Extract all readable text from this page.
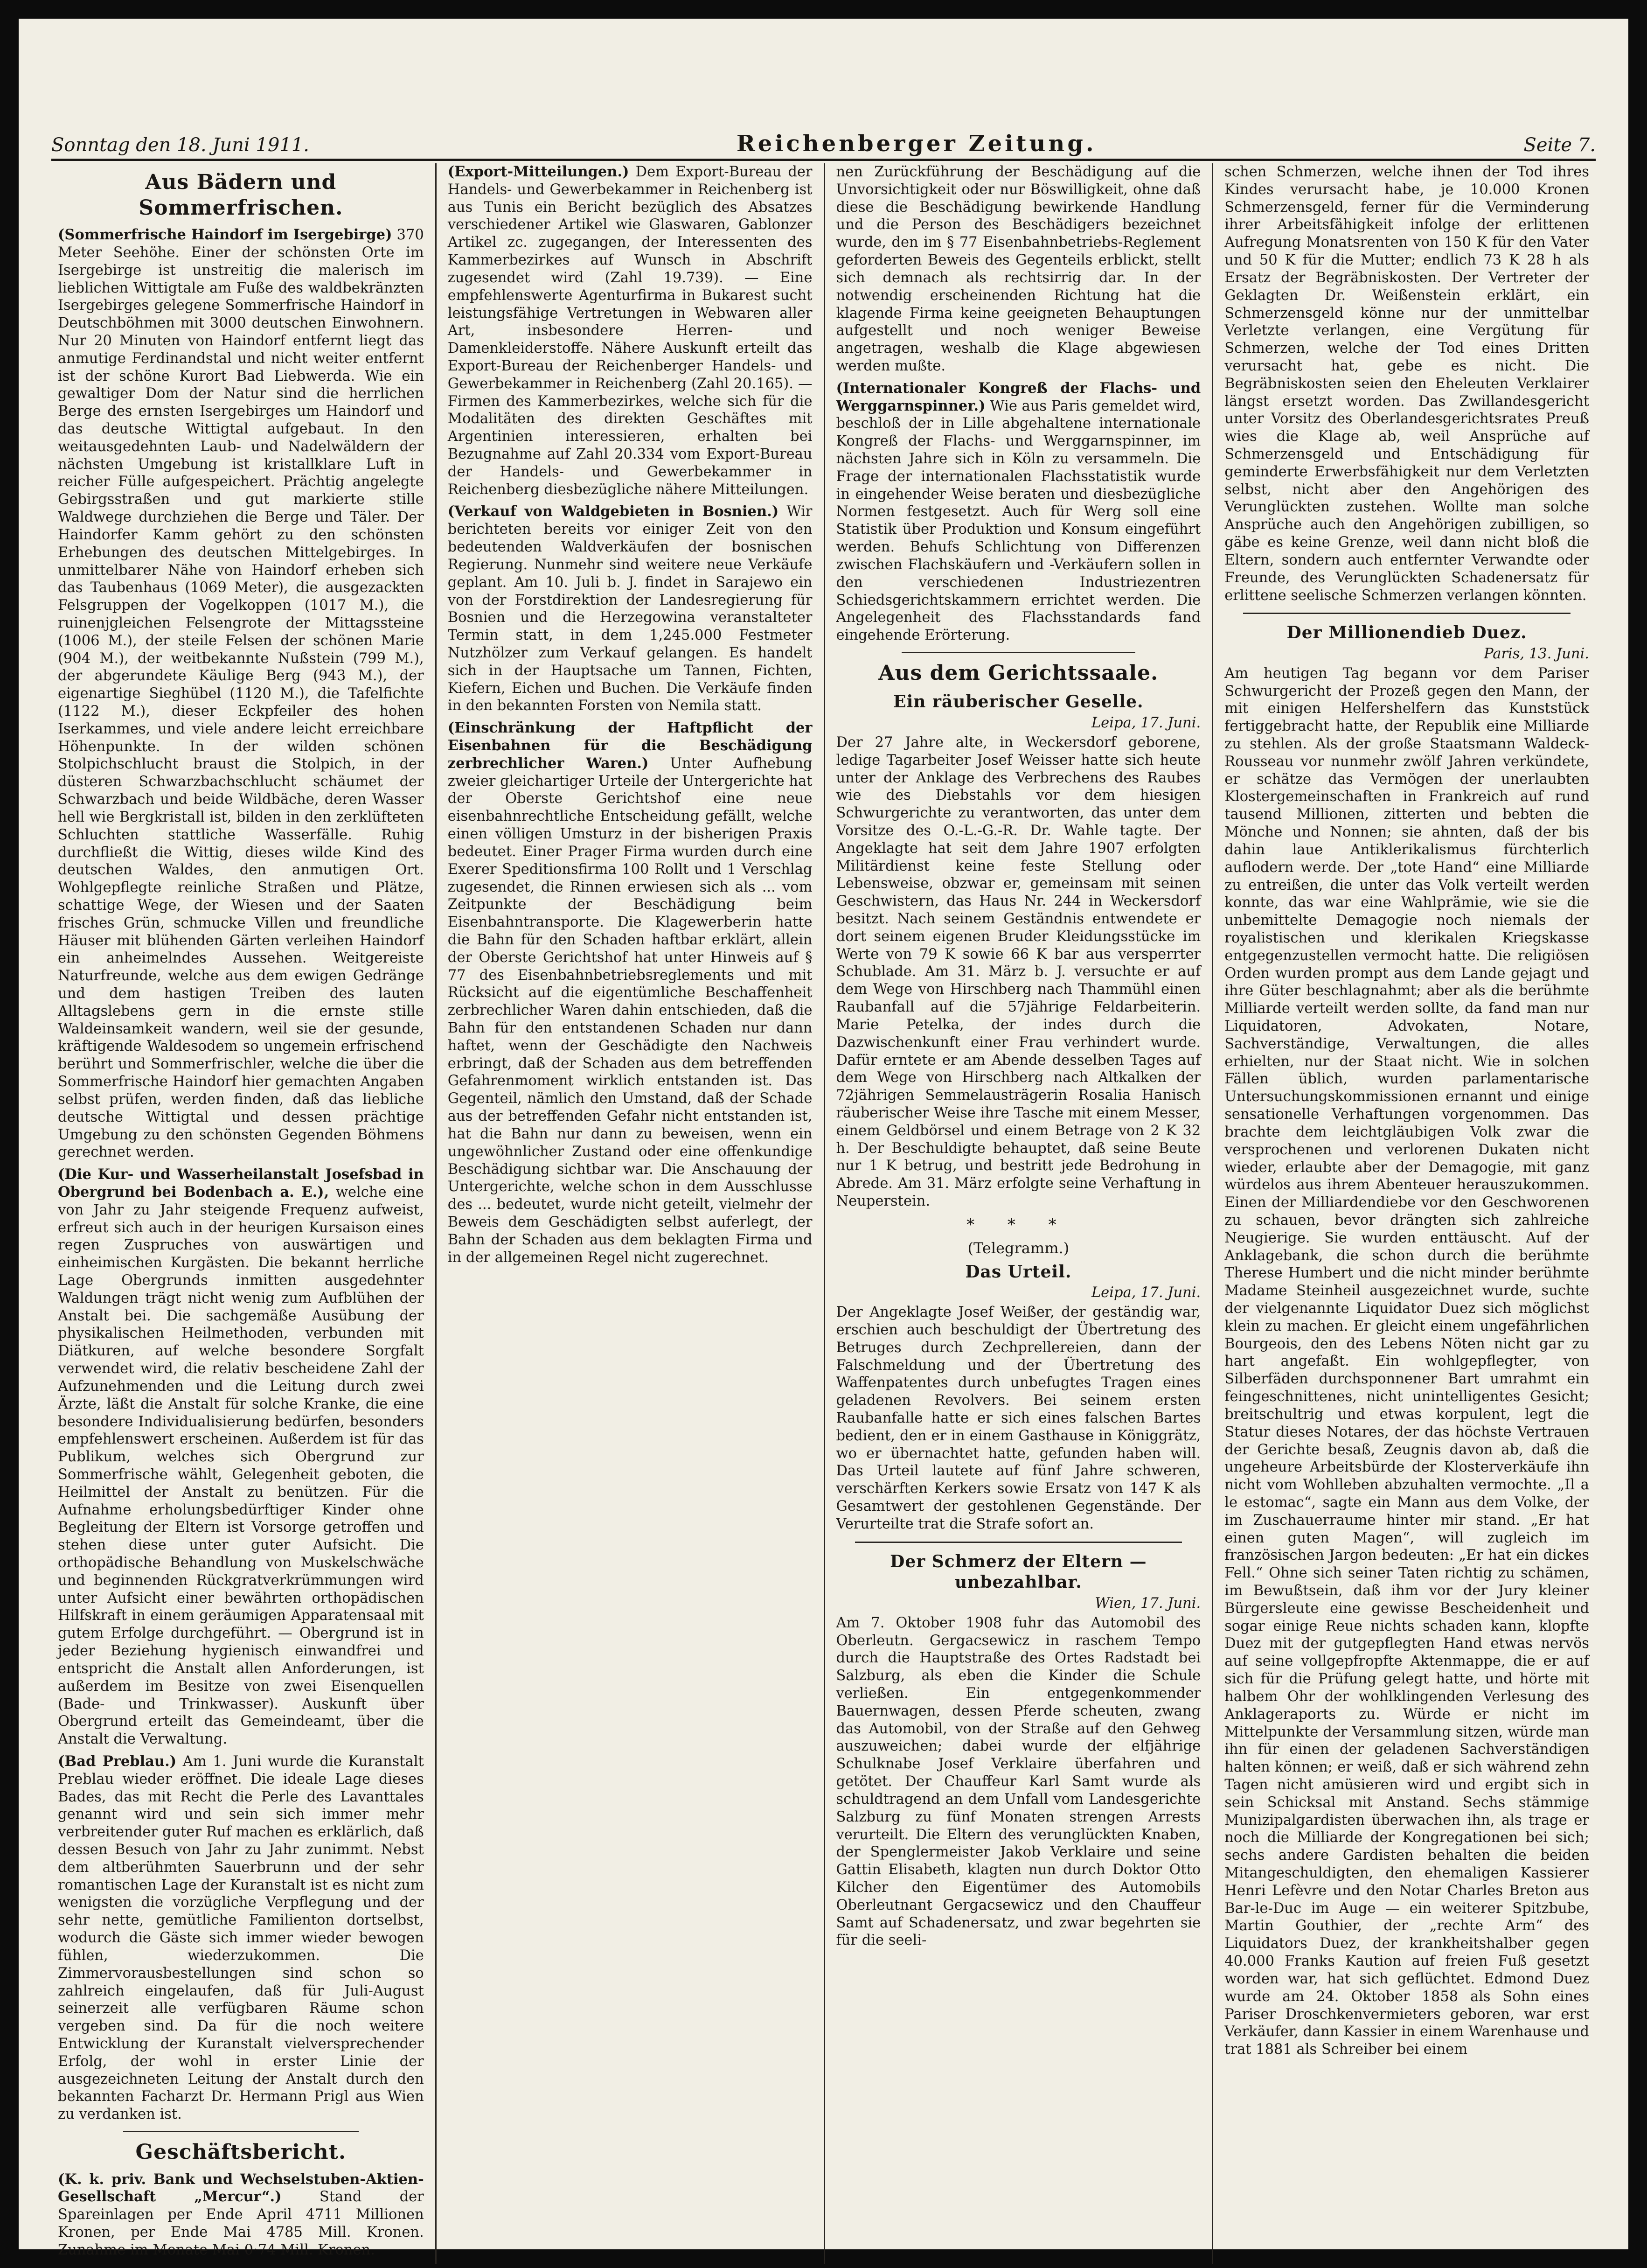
Sonntag den 18. Juni 1911.	Reichenberger Zeitung.	Seite 7.
Aus Bädern und Sommerfrischen.

(Sommerfrische Haindorf im Isergebirge) 370 Meter Seehöhe. Einer der schönsten Orte im Isergebirge ist unstreitig die malerisch im lieblichen Wittigtale am Fuße des waldbekränzten Isergebirges gelegene Sommerfrische Haindorf in Deutschböhmen mit 3000 deutschen Einwohnern. Nur 20 Minuten von Haindorf entfernt liegt das anmutige Ferdinandstal und nicht weiter entfernt ist der schöne Kurort Bad Liebwerda. Wie ein gewaltiger Dom der Natur sind die herrlichen Berge des ernsten Isergebirges um Haindorf und das deutsche Wittigtal aufgebaut. In den weitausgedehnten Laub- und Nadelwäldern der nächsten Umgebung ist kristallklare Luft in reicher Fülle aufgespeichert. Prächtig angelegte Gebirgsstraßen und gut markierte stille Waldwege durchziehen die Berge und Täler. Der Haindorfer Kamm gehört zu den schönsten Erhebungen des deutschen Mittelgebirges. In unmittelbarer Nähe von Haindorf erheben sich das Taubenhaus (1069 Meter), die ausgezackten Felsgruppen der Vogelkoppen (1017 M.), die ruinenjgleichen Felsengrote der Mittagssteine (1006 M.), der steile Felsen der schönen Marie (904 M.), der weitbekannte Nußstein (799 M.), der abgerundete Käulige Berg (943 M.), der eigenartige Sieghübel (1120 M.), die Tafelfichte (1122 M.), dieser Eckpfeiler des hohen Iserkammes, und viele andere leicht erreichbare Höhenpunkte. In der wilden schönen Stolpichschlucht braust die Stolpich, in der düsteren Schwarzbachschlucht schäumet der Schwarzbach und beide Wildbäche, deren Wasser hell wie Bergkristall ist, bilden in den zerklüfteten Schluchten stattliche Wasserfälle. Ruhig durchfließt die Wittig, dieses wilde Kind des deutschen Waldes, den anmutigen Ort. Wohlgepflegte reinliche Straßen und Plätze, schattige Wege, der Wiesen und der Saaten frisches Grün, schmucke Villen und freundliche Häuser mit blühenden Gärten verleihen Haindorf ein anheimelndes Aussehen. Weitgereiste Naturfreunde, welche aus dem ewigen Gedränge und dem hastigen Treiben des lauten Alltagslebens gern in die ernste stille Waldeinsamkeit wandern, weil sie der gesunde, kräftigende Waldesodem so ungemein erfrischend berührt und Sommerfrischler, welche die über die Sommerfrische Haindorf hier gemachten Angaben selbst prüfen, werden finden, daß das liebliche deutsche Wittigtal und dessen prächtige Umgebung zu den schönsten Gegenden Böhmens gerechnet werden.

(Die Kur- und Wasserheilanstalt Josefsbad in Obergrund bei Bodenbach a. E.), welche eine von Jahr zu Jahr steigende Frequenz aufweist, erfreut sich auch in der heurigen Kursaison eines regen Zuspruches von auswärtigen und einheimischen Kurgästen. Die bekannt herrliche Lage Obergrunds inmitten ausgedehnter Waldungen trägt nicht wenig zum Aufblühen der Anstalt bei. Die sachgemäße Ausübung der physikalischen Heilmethoden, verbunden mit Diätkuren, auf welche besondere Sorgfalt verwendet wird, die relativ bescheidene Zahl der Aufzunehmenden und die Leitung durch zwei Ärzte, läßt die Anstalt für solche Kranke, die eine besondere Individualisierung bedürfen, besonders empfehlenswert erscheinen. Außerdem ist für das Publikum, welches sich Obergrund zur Sommerfrische wählt, Gelegenheit geboten, die Heilmittel der Anstalt zu benützen. Für die Aufnahme erholungsbedürftiger Kinder ohne Begleitung der Eltern ist Vorsorge getroffen und stehen diese unter guter Aufsicht. Die orthopädische Behandlung von Muskelschwäche und beginnenden Rückgratverkrümmungen wird unter Aufsicht einer bewährten orthopädischen Hilfskraft in einem geräumigen Apparatensaal mit gutem Erfolge durchgeführt. — Obergrund ist in jeder Beziehung hygienisch einwandfrei und entspricht die Anstalt allen Anforderungen, ist außerdem im Besitze von zwei Eisenquellen (Bade- und Trinkwasser). Auskunft über Obergrund erteilt das Gemeindeamt, über die Anstalt die Verwaltung.

(Bad Preblau.) Am 1. Juni wurde die Kuranstalt Preblau wieder eröffnet. Die ideale Lage dieses Bades, das mit Recht die Perle des Lavanttales genannt wird und sein sich immer mehr verbreitender guter Ruf machen es erklärlich, daß dessen Besuch von Jahr zu Jahr zunimmt. Nebst dem altberühmten Sauerbrunn und der sehr romantischen Lage der Kuranstalt ist es nicht zum wenigsten die vorzügliche Verpflegung und der sehr nette, gemütliche Familienton dortselbst, wodurch die Gäste sich immer wieder bewogen fühlen, wiederzukommen. Die Zimmervorausbestellungen sind schon so zahlreich eingelaufen, daß für Juli-August seinerzeit alle verfügbaren Räume schon vergeben sind. Da für die noch weitere Entwicklung der Kuranstalt vielversprechender Erfolg, der wohl in erster Linie der ausgezeichneten Leitung der Anstalt durch den bekannten Facharzt Dr. Hermann Prigl aus Wien zu verdanken ist.

Geschäftsbericht.

(K. k. priv. Bank und Wechselstuben-Aktien-Gesellschaft „Mercur“.)	Stand der Spareinlagen per Ende April 4711 Millionen Kronen, per Ende Mai 4785 Mill. Kronen. Zunahme im Monate Mai 0·74 Mill. Kronen.

(Export-Mitteilungen.) Dem Export-Bureau der Handels- und Gewerbekammer in Reichenberg ist aus Tunis ein Bericht bezüglich des Absatzes verschiedener Artikel wie Glaswaren, Gablonzer Artikel zc. zugegangen, der Interessenten des Kammerbezirkes auf Wunsch in Abschrift zugesendet wird (Zahl 19.739). — Eine empfehlenswerte Agenturfirma in Bukarest sucht leistungsfähige Vertretungen in Webwaren aller Art, insbesondere Herren- und Damenkleiderstoffe. Nähere Auskunft erteilt das Export-Bureau der Reichenberger Handels- und Gewerbekammer in Reichenberg (Zahl 20.165). — Firmen des Kammerbezirkes, welche sich für die Modalitäten des direkten Geschäftes mit Argentinien interessieren, erhalten bei Bezugnahme auf Zahl 20.334 vom Export-Bureau der Handels- und Gewerbekammer in Reichenberg diesbezügliche nähere Mitteilungen.

(Verkauf von Waldgebieten in Bosnien.) Wir berichteten bereits vor einiger Zeit von den bedeutenden Waldverkäufen der bosnischen Regierung. Nunmehr sind weitere neue Verkäufe geplant. Am 10. Juli b. J. findet in Sarajewo ein von der Forstdirektion der Landesregierung für Bosnien und die Herzegowina veranstalteter Termin statt, in dem 1,245.000 Festmeter Nutzhölzer zum Verkauf gelangen. Es handelt sich in der Hauptsache um Tannen, Fichten, Kiefern, Eichen und Buchen. Die Verkäufe finden in den bekannten Forsten von Nemila statt.

(Einschränkung der Haftpflicht der Eisenbahnen für die Beschädigung zerbrechlicher Waren.) Unter Aufhebung zweier gleichartiger Urteile der Untergerichte hat der Oberste Gerichtshof eine neue eisenbahnrechtliche Entscheidung gefällt, welche einen völligen Umsturz in der bisherigen Praxis bedeutet. Einer Prager Firma wurden durch eine Exerer Speditionsfirma 100 Rollt und 1 Verschlag zugesendet, die Rinnen erwiesen sich als ... vom Zeitpunkte der Beschädigung beim Eisenbahntransporte. Die Klagewerberin hatte die Bahn für den Schaden haftbar erklärt, allein der Oberste Gerichtshof hat unter Hinweis auf § 77 des Eisenbahnbetriebsreglements und mit Rücksicht auf die eigentümliche Beschaffenheit zerbrechlicher Waren dahin entschieden, daß die Bahn für den entstandenen Schaden nur dann haftet, wenn der Geschädigte den Nachweis erbringt, daß der Schaden aus dem betreffenden Gefahrenmoment wirklich entstanden ist. Das Gegenteil, nämlich den Umstand, daß der Schade aus der betreffenden Gefahr nicht entstanden ist, hat die Bahn nur dann zu beweisen, wenn ein ungewöhnlicher Zustand oder eine offenkundige Beschädigung sichtbar war. Die Anschauung der Untergerichte, welche schon in dem Ausschlusse des ... bedeutet, wurde nicht geteilt, vielmehr der Beweis dem Geschädigten selbst auferlegt, der Bahn der Schaden aus dem beklagten Firma und in der allgemeinen Regel nicht zugerechnet.

nen Zurückführung der Beschädigung auf die Unvorsichtigkeit oder nur Böswilligkeit, ohne daß diese die Beschädigung bewirkende Handlung und die Person des Beschädigers bezeichnet wurde, den im § 77 Eisenbahnbetriebs-Reglement geforderten Beweis des Gegenteils erblickt, stellt sich demnach als rechtsirrig dar. In der notwendig erscheinenden Richtung hat die klagende Firma keine geeigneten Behauptungen aufgestellt und noch weniger Beweise angetragen, weshalb die Klage abgewiesen werden mußte.

(Internationaler Kongreß der Flachs- und Werggarnspinner.) Wie aus Paris gemeldet wird, beschloß der in Lille abgehaltene internationale Kongreß der Flachs- und Werggarnspinner, im nächsten Jahre sich in Köln zu versammeln. Die Frage der internationalen Flachsstatistik wurde in eingehender Weise beraten und diesbezügliche Normen festgesetzt. Auch für Werg soll eine Statistik über Produktion und Konsum eingeführt werden. Behufs Schlichtung von Differenzen zwischen Flachskäufern und -Verkäufern sollen in den verschiedenen Industriezentren Schiedsgerichtskammern errichtet werden. Die Angelegenheit des Flachsstandards fand eingehende Erörterung.

Aus dem Gerichtssaale.
Ein räuberischer Geselle.
Leipa, 17. Juni.

Der 27 Jahre alte, in Weckersdorf geborene, ledige Tagarbeiter Josef Weisser hatte sich heute unter der Anklage des Verbrechens des Raubes wie des Diebstahls vor dem hiesigen Schwurgerichte zu verantworten, das unter dem Vorsitze des O.-L.-G.-R. Dr. Wahle tagte. Der Angeklagte hat seit dem Jahre 1907 erfolgten Militärdienst keine feste Stellung oder Lebensweise, obzwar er, gemeinsam mit seinen Geschwistern, das Haus Nr. 244 in Weckersdorf besitzt. Nach seinem Geständnis entwendete er dort seinem eigenen Bruder Kleidungsstücke im Werte von 79 K sowie 66 K bar aus versperrter Schublade. Am 31. März b. J. versuchte er auf dem Wege von Hirschberg nach Thammühl einen Raubanfall auf die 57jährige Feldarbeiterin. Marie Petelka, der indes durch die Dazwischenkunft einer Frau verhindert wurde. Dafür erntete er am Abende desselben Tages auf dem Wege von Hirschberg nach Altkalken der 72jährigen Semmelausträgerin Rosalia Hanisch räuberischer Weise ihre Tasche mit einem Messer, einem Geldbörsel und einem Betrage von 2 K 32 h. Der Beschuldigte behauptet, daß seine Beute nur 1 K betrug, und bestritt jede Bedrohung in Abrede. Am 31. März erfolgte seine Verhaftung in Neuperstein.

* * *
(Telegramm.)
Das Urteil.
Leipa, 17. Juni.

Der Angeklagte Josef Weißer, der geständig war, erschien auch beschuldigt der Übertretung des Betruges durch Zechprellereien, dann der Falschmeldung und der Übertretung des Waffenpatentes durch unbefugtes Tragen eines geladenen Revolvers. Bei seinem ersten Raubanfalle hatte er sich eines falschen Bartes bedient, den er in einem Gasthause in Königgrätz, wo er übernachtet hatte, gefunden haben will. Das Urteil lautete auf fünf Jahre schweren, verschärften Kerkers sowie Ersatz von 147 K als Gesamtwert der gestohlenen Gegenstände. Der Verurteilte trat die Strafe sofort an.

Der Schmerz der Eltern — unbezahlbar.
Wien, 17. Juni.

Am 7. Oktober 1908 fuhr das Automobil des Oberleutn. Gergacsewicz in raschem Tempo durch die Hauptstraße des Ortes Radstadt bei Salzburg, als eben die Kinder die Schule verließen. Ein entgegenkommender Bauernwagen, dessen Pferde scheuten, zwang das Automobil, von der Straße auf den Gehweg auszuweichen; dabei wurde der elfjährige Schulknabe Josef Verklaire überfahren und getötet. Der Chauffeur Karl Samt wurde als schuldtragend an dem Unfall vom Landesgerichte Salzburg zu fünf Monaten strengen Arrests verurteilt. Die Eltern des verunglückten Knaben, der Spenglermeister Jakob Verklaire und seine Gattin Elisabeth, klagten nun durch Doktor Otto Kilcher den Eigentümer des Automobils Oberleutnant Gergacsewicz und den Chauffeur Samt auf Schadenersatz, und zwar begehrten sie für die seeli-

schen Schmerzen, welche ihnen der Tod ihres Kindes verursacht habe, je 10.000 Kronen Schmerzensgeld, ferner für die Verminderung ihrer Arbeitsfähigkeit infolge der erlittenen Aufregung Monatsrenten von 150 K für den Vater und 50 K für die Mutter; endlich 73 K 28 h als Ersatz der Begräbniskosten. Der Vertreter der Geklagten Dr. Weißenstein erklärt, ein Schmerzensgeld könne nur der unmittelbar Verletzte verlangen, eine Vergütung für Schmerzen, welche der Tod eines Dritten verursacht hat, gebe es nicht. Die Begräbniskosten seien den Eheleuten Verklairer längst ersetzt worden. Das Zwillandesgericht unter Vorsitz des Oberlandesgerichtsrates Preuß wies die Klage ab, weil Ansprüche auf Schmerzensgeld und Entschädigung für geminderte Erwerbsfähigkeit nur dem Verletzten selbst, nicht aber den Angehörigen des Verunglückten zustehen. Wollte man solche Ansprüche auch den Angehörigen zubilligen, so gäbe es keine Grenze, weil dann nicht bloß die Eltern, sondern auch entfernter Verwandte oder Freunde, des Verunglückten Schadenersatz für erlittene seelische Schmerzen verlangen könnten.

Der Millionendieb Duez.
Paris, 13. Juni.

Am heutigen Tag begann vor dem Pariser Schwurgericht der Prozeß gegen den Mann, der mit einigen Helfershelfern das Kunststück fertiggebracht hatte, der Republik eine Milliarde zu stehlen. Als der große Staatsmann Waldeck-Rousseau vor nunmehr zwölf Jahren verkündete, er schätze das Vermögen der unerlaubten Klostergemeinschaften in Frankreich auf rund tausend Millionen, zitterten und bebten die Mönche und Nonnen; sie ahnten, daß der bis dahin laue Antiklerikalismus fürchterlich auflodern werde. Der „tote Hand“ eine Milliarde zu entreißen, die unter das Volk verteilt werden konnte, das war eine Wahlprämie, wie sie die unbemittelte Demagogie noch niemals der royalistischen und klerikalen Kriegskasse entgegenzustellen vermocht hatte. Die religiösen Orden wurden prompt aus dem Lande gejagt und ihre Güter beschlagnahmt; aber als die berühmte Milliarde verteilt werden sollte, da fand man nur Liquidatoren, Advokaten, Notare, Sachverständige, Verwaltungen, die alles erhielten, nur der Staat nicht. Wie in solchen Fällen üblich, wurden parlamentarische Untersuchungskommissionen ernannt und einige sensationelle Verhaftungen vorgenommen. Das brachte dem leichtgläubigen Volk zwar die versprochenen und verlorenen Dukaten nicht wieder, erlaubte aber der Demagogie, mit ganz würdelos aus ihrem Abenteuer herauszukommen. Einen der Milliardendiebe vor den Geschworenen zu schauen, bevor drängten sich zahlreiche Neugierige. Sie wurden enttäuscht. Auf der Anklagebank, die schon durch die berühmte Therese Humbert und die nicht minder berühmte Madame Steinheil ausgezeichnet wurde, suchte der vielgenannte Liquidator Duez sich möglichst klein zu machen. Er gleicht einem ungefährlichen Bourgeois, den des Lebens Nöten nicht gar zu hart angefaßt. Ein wohlgepflegter, von Silberfäden durchsponnener Bart umrahmt ein feingeschnittenes, nicht unintelligentes Gesicht; breitschultrig und etwas korpulent, legt die Statur dieses Notares, der das höchste Vertrauen der Gerichte besaß, Zeugnis davon ab, daß die ungeheure Arbeitsbürde der Klosterverkäufe ihn nicht vom Wohlleben abzuhalten vermochte. „Il a le estomac“, sagte ein Mann aus dem Volke, der im Zuschauerraume hinter mir stand. „Er hat einen guten Magen“, will zugleich im französischen Jargon bedeuten: „Er hat ein dickes Fell.“ Ohne sich seiner Taten richtig zu schämen, im Bewußtsein, daß ihm vor der Jury kleiner Bürgersleute eine gewisse Bescheidenheit und sogar einige Reue nichts schaden kann, klopfte Duez mit der gutgepflegten Hand etwas nervös auf seine vollgepfropfte Aktenmappe, die er auf sich für die Prüfung gelegt hatte, und hörte mit halbem Ohr der wohlklingenden Verlesung des Anklageraports zu. Würde er nicht im Mittelpunkte der Versammlung sitzen, würde man ihn für einen der geladenen Sachverständigen halten können; er weiß, daß er sich während zehn Tagen nicht amüsieren wird und ergibt sich in sein Schicksal mit Anstand. Sechs stämmige Munizipalgardisten überwachen ihn, als trage er noch die Milliarde der Kongregationen bei sich; sechs andere Gardisten behalten die beiden Mitangeschuldigten, den ehemaligen Kassierer Henri Lefèvre und den Notar Charles Breton aus Bar-le-Duc im Auge — ein weiterer Spitzbube, Martin Gouthier, der „rechte Arm“ des Liquidators Duez, der krankheitshalber gegen 40.000 Franks Kaution auf freien Fuß gesetzt worden war, hat sich geflüchtet. Edmond Duez wurde am 24. Oktober 1858 als Sohn eines Pariser Droschkenvermieters geboren, war erst Verkäufer, dann Kassier in einem Warenhause und trat 1881 als Schreiber bei einem
